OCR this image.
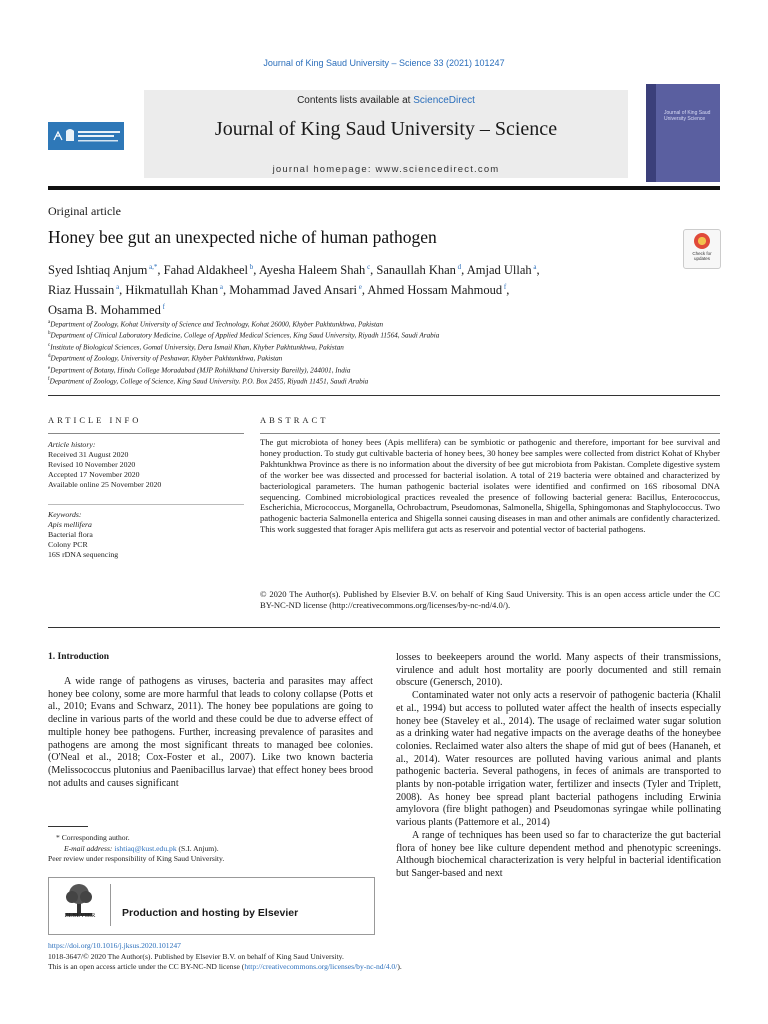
Journal of King Saud University – Science 33 (2021) 101247
Contents lists available at ScienceDirect
Journal of King Saud University – Science
journal homepage: www.sciencedirect.com
Journal of King Saud University Science
Original article
Honey bee gut an unexpected niche of human pathogen
Check for updates
Syed Ishtiaq Anjum $^{a,*}$, Fahad Aldakheel $^b$, Ayesha Haleem Shah $^c$, Sanaullah Khan $^d$, Amjad Ullah $^a$,
Riaz Hussain $^a$, Hikmatullah Khan $^a$, Mohammad Javed Ansari $^e$, Ahmed Hossam Mahmoud $^f$,
Osama B. Mohammed $^f$
$^a$Department of Zoology, Kohat University of Science and Technology, Kohat 26000, Khyber Pakhtunkhwa, Pakistan
$^b$Department of Clinical Laboratory Medicine, College of Applied Medical Sciences, King Saud University, Riyadh 11564, Saudi Arabia
$^c$Institute of Biological Sciences, Gomal University, Dera Ismail Khan, Khyber Pakhtunkhwa, Pakistan
$^d$Department of Zoology, University of Peshawar, Khyber Pakhtunkhwa, Pakistan
$^e$Department of Botany, Hindu College Moradabad (MJP Rohilkhand University Bareilly), 244001, India
$^f$Department of Zoology, College of Science, King Saud University. P.O. Box 2455, Riyadh 11451, Saudi Arabia
ARTICLE INFO	ABSTRACT
Article history:
Received 31 August 2020
Revised 10 November 2020
Accepted 17 November 2020
Available online 25 November 2020
Keywords:
Apis mellifera
Bacterial flora
Colony PCR
16S rDNA sequencing
The gut microbiota of honey bees (Apis mellifera) can be symbiotic or pathogenic and therefore, important for bee survival and honey production. To study gut cultivable bacteria of honey bees, 30 honey bee samples were collected from district Kohat of Khyber Pakhtunkhwa Province as there is no information about the diversity of bee gut microbiota from Pakistan. Complete digestive system of the worker bee was dissected and processed for bacterial isolation. A total of 219 bacteria were obtained and characterized by bacteriological parameters. The human pathogenic bacterial isolates were identified and confirmed on 16S ribosomal DNA sequencing. Combined microbiological practices revealed the presence of following bacterial genera: Bacillus, Enterococcus, Escherichia, Micrococcus, Morganella, Ochrobactrum, Pseudomonas, Salmonella, Shigella, Sphingomonas and Staphylococcus. Two pathogenic bacteria Salmonella enterica and Shigella sonnei causing diseases in man and other animals are confidently characterized. This work suggested that forager Apis mellifera gut acts as reservoir and potential vector of bacterial pathogens.
© 2020 The Author(s). Published by Elsevier B.V. on behalf of King Saud University. This is an open access article under the CC BY-NC-ND license (http://creativecommons.org/licenses/by-nc-nd/4.0/).
1. Introduction

A wide range of pathogens as viruses, bacteria and parasites may affect honey bee colony, some are more harmful that leads to colony collapse (Potts et al., 2010; Evans and Schwarz, 2011). The honey bee populations are going to decline in various parts of the world and these could be due to adverse effect of multiple honey bee pathogens. Further, increasing prevalence of parasites and pathogens are among the most significant threats to managed bee colonies. (O'Neal et al., 2018; Cox-Foster et al., 2007). Like two known bacteria (Melissococcus plutonius and Paenibacillus larvae) that effect honey bees brood not adults and causes significant

losses to beekeepers around the world. Many aspects of their transmissions, virulence and adult host mortality are poorly documented and still remain obscure (Genersch, 2010).

Contaminated water not only acts a reservoir of pathogenic bacteria (Khalil et al., 1994) but access to polluted water affect the health of insects especially honey bee (Staveley et al., 2014). The usage of reclaimed water sugar solution as a drinking water had negative impacts on the average deaths of the honeybee colonies. Reclaimed water also alters the shape of mid gut of bees (Hananeh, et al., 2014). Water resources are polluted having various animal and plants pathogenic bacteria. Several pathogens, in feces of animals are transported to plants by non-potable irrigation water, fertilizer and insects (Tyler and Triplett, 2008). As honey bee spread plant bacterial pathogens including Erwinia amylovora (fire blight pathogen) and Pseudomonas syringae while pollinating various plants (Pattemore et al., 2014)

A range of techniques has been used so far to characterize the gut bacterial flora of honey bee like culture dependent method and phenotypic screenings. Although biochemical characterization is very helpful in bacterial identification but Sanger-based and next

* Corresponding author.
E-mail address: ishtiaq@kust.edu.pk (S.I. Anjum).
Peer review under responsibility of King Saud University.
ELSEVIER	Production and hosting by Elsevier
https://doi.org/10.1016/j.jksus.2020.101247
1018-3647/© 2020 The Author(s). Published by Elsevier B.V. on behalf of King Saud University.
This is an open access article under the CC BY-NC-ND license (http://creativecommons.org/licenses/by-nc-nd/4.0/).
